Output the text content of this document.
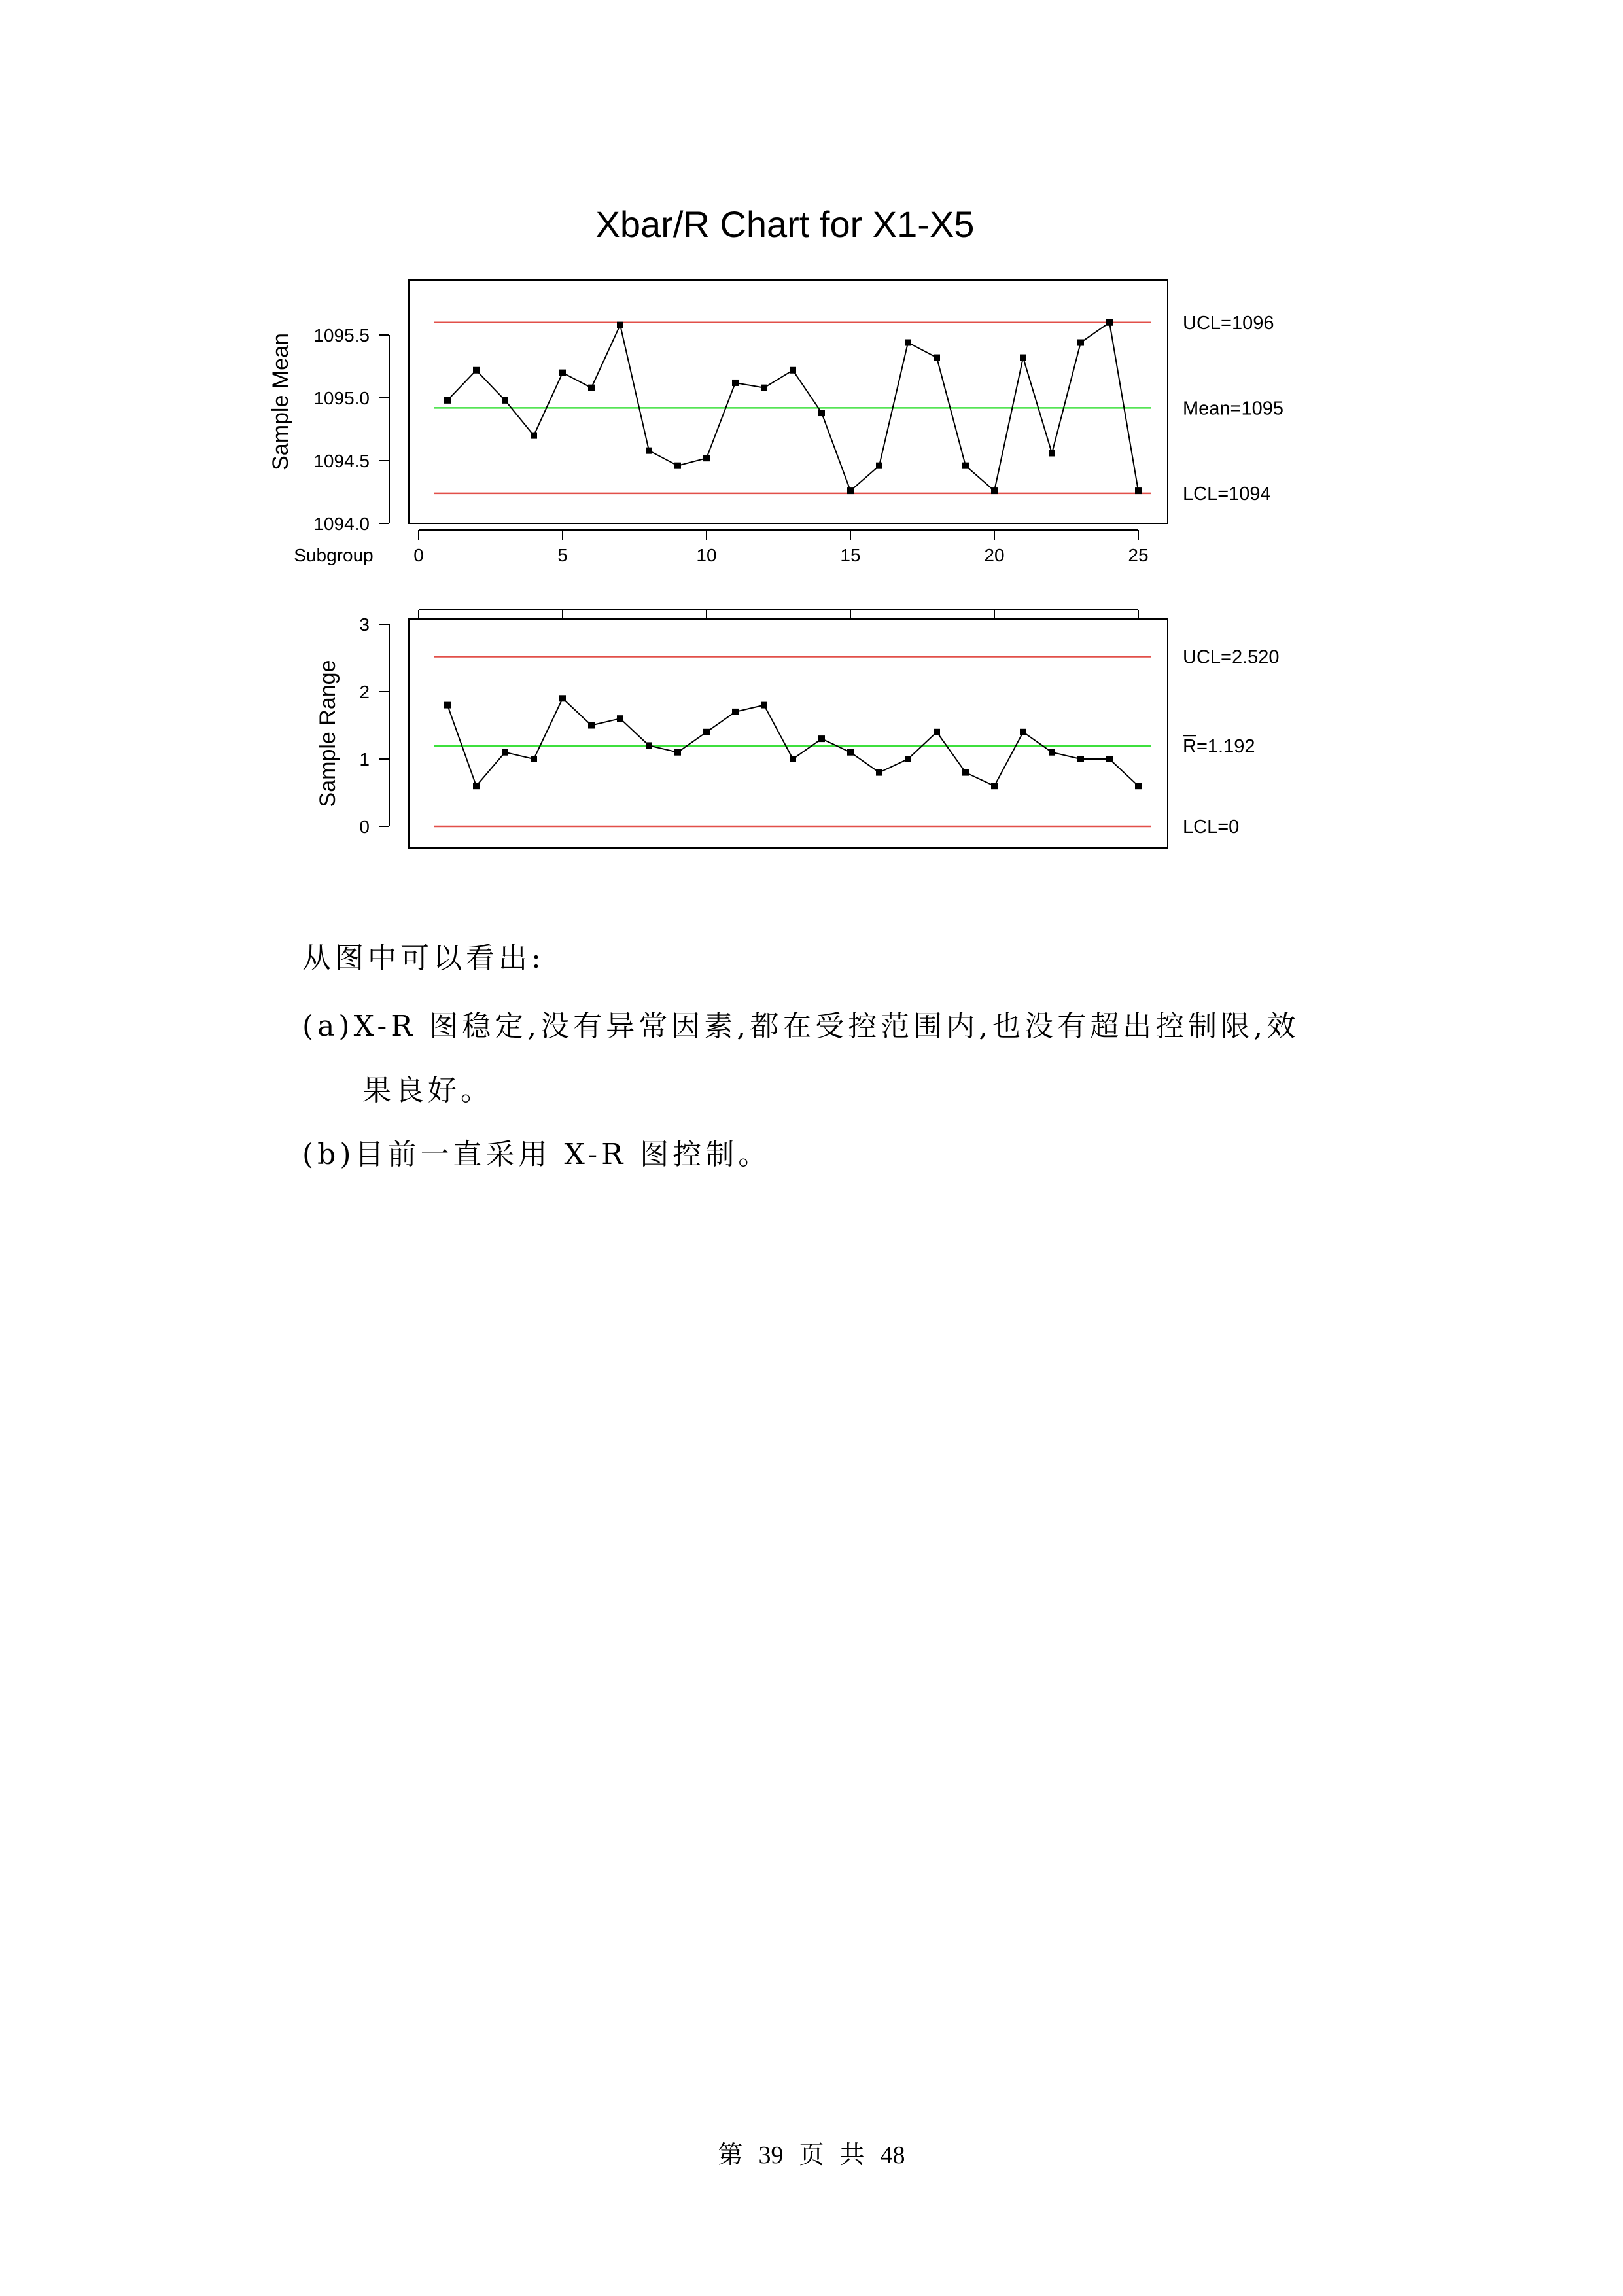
Xbar/R Chart for X1-X5
1094.0
1094.5
1095.0
1095.5
Sample Mean
UCL=1096
Mean=1095
LCL=1094
0
1
2
3
Sample Range
UCL=2.520
R=1.192
LCL=0
Subgroup 0	5	10	15	20	25
从图中可以看出:
(a)X-R 图稳定,没有异常因素,都在受控范围内,也没有超出控制限,效
果良好。
(b)目前一直采用 X-R 图控制。
第 39 页 共 48
